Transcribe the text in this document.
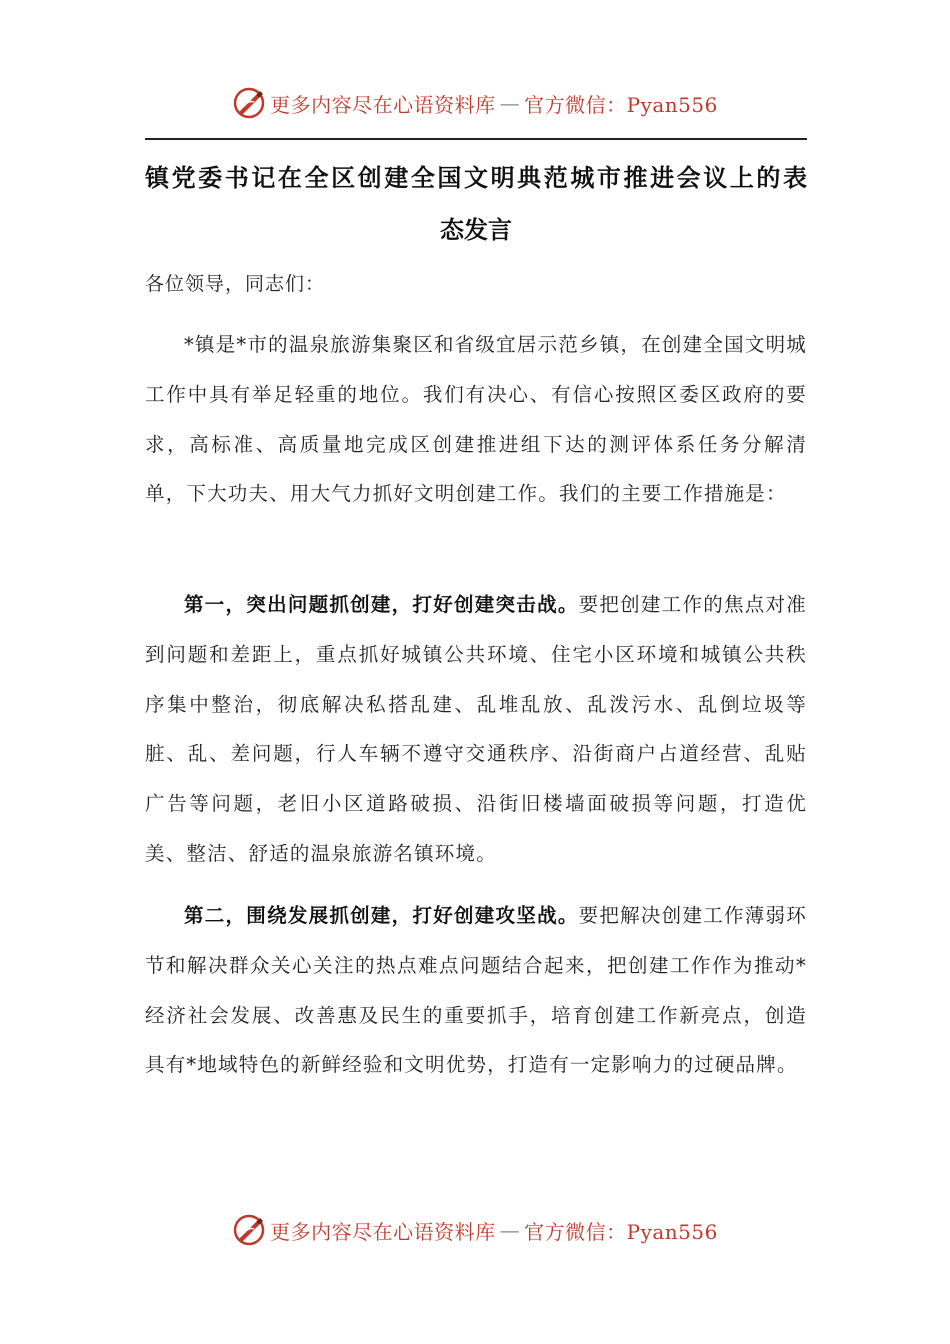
更多内容尽在心语资料库 — 官方微信：Pyan556
镇党委书记在全区创建全国文明典范城市推进会议上的表
态发言

各位领导，同志们：

*镇是*市的温泉旅游集聚区和省级宜居示范乡镇，在创建全国文明城工作中具有举足轻重的地位。我们有决心、有信心按照区委区政府的要求，高标准、高质量地完成区创建推进组下达的测评体系任务分解清单，下大功夫、用大气力抓好文明创建工作。我们的主要工作措施是：

第一，突出问题抓创建，打好创建突击战。要把创建工作的焦点对准到问题和差距上，重点抓好城镇公共环境、住宅小区环境和城镇公共秩序集中整治，彻底解决私搭乱建、乱堆乱放、乱泼污水、乱倒垃圾等脏、乱、差问题，行人车辆不遵守交通秩序、沿街商户占道经营、乱贴广告等问题，老旧小区道路破损、沿街旧楼墙面破损等问题，打造优美、整洁、舒适的温泉旅游名镇环境。

第二，围绕发展抓创建，打好创建攻坚战。要把解决创建工作薄弱环节和解决群众关心关注的热点难点问题结合起来，把创建工作作为推动*经济社会发展、改善惠及民生的重要抓手，培育创建工作新亮点，创造具有*地域特色的新鲜经验和文明优势，打造有一定影响力的过硬品牌。

更多内容尽在心语资料库 — 官方微信：Pyan556
